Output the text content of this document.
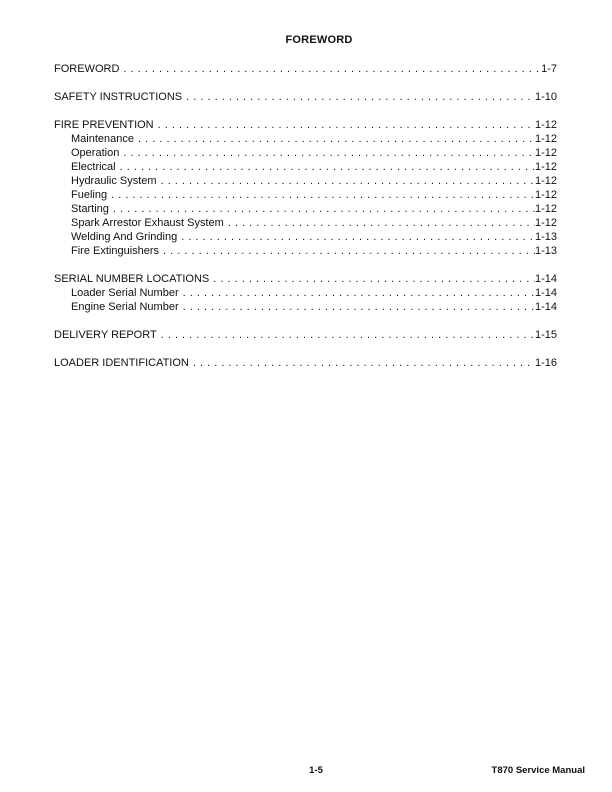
FOREWORD
FOREWORD . . .	1-7
SAFETY INSTRUCTIONS . . .	1-10
FIRE PREVENTION . . .	1-12
Maintenance . . .	1-12
Operation . . .	1-12
Electrical . . .	1-12
Hydraulic System . . .	1-12
Fueling . . .	1-12
Starting . . .	1-12
Spark Arrestor Exhaust System . . .	1-12
Welding And Grinding . . .	1-13
Fire Extinguishers . . .	1-13
SERIAL NUMBER LOCATIONS . . .	1-14
Loader Serial Number . . .	1-14
Engine Serial Number . . .	1-14
DELIVERY REPORT . . .	1-15
LOADER IDENTIFICATION . . .	1-16
1-5	T870 Service Manual
